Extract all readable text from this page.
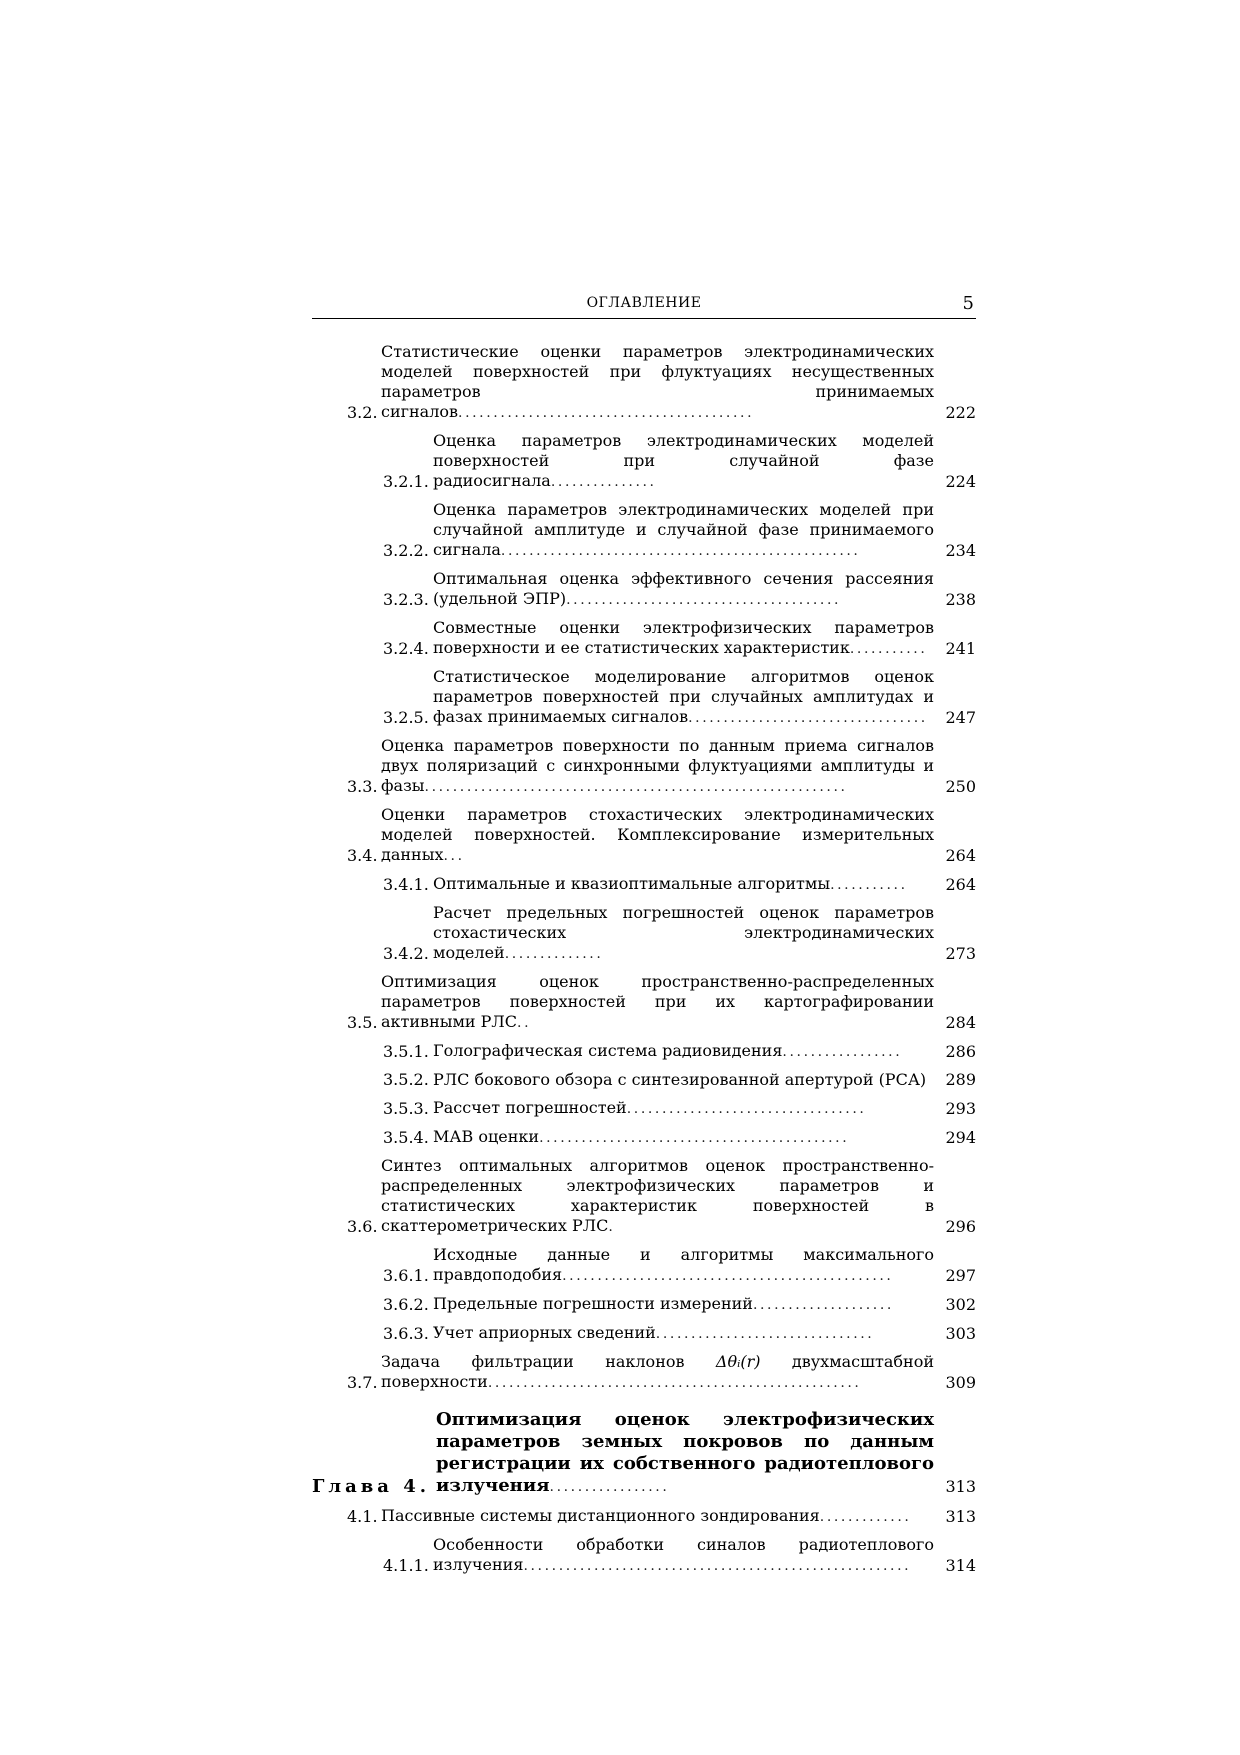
ОГЛАВЛЕНИЕ	5
3.2.
Статистические оценки параметров электродинамических моделей поверхностей при флуктуациях несущественных параметров принимаемых сигналов..........................................	222
3.2.1.
Оценка параметров электродинамических моделей поверхностей при случайной фазе радиосигнала...............	224
3.2.2.
Оценка параметров электродинамических моделей при случайной амплитуде и случайной фазе принимаемого сигнала...................................................	234
3.2.3.
Оптимальная оценка эффективного сечения рассеяния (удельной ЭПР).......................................	238
3.2.4.
Совместные оценки электрофизических параметров поверхности и ее статистических характеристик...........	241
3.2.5.
Статистическое моделирование алгоритмов оценок параметров поверхностей при случайных амплитудах и фазах принимаемых сигналов..................................	247
3.3.
Оценка параметров поверхности по данным приема сигналов двух поляризаций с синхронными флуктуациями амплитуды и фазы............................................................	250
3.4.
Оценки параметров стохастических электродинамических моделей поверхностей. Комплексирование измерительных данных...	264
3.4.1. Оптимальные и квазиоптимальные алгоритмы...........	264
3.4.2.
Расчет предельных погрешностей оценок параметров стохастических электродинамических моделей..............	273
3.5.
Оптимизация оценок пространственно-распределенных параметров поверхностей при их картографировании активными РЛС..	284
3.5.1. Голографическая система радиовидения.................	286
3.5.2. РЛС бокового обзора с синтезированной апертурой (РСА)	289
3.5.3. Рассчет погрешностей..................................	293
3.5.4. МАВ оценки............................................	294
3.6.
Синтез оптимальных алгоритмов оценок пространственно-распределенных электрофизических параметров и статистических характеристик поверхностей в скаттерометрических РЛС.	296
3.6.1.
Исходные данные и алгоритмы максимального правдоподобия...............................................	297
3.6.2. Предельные погрешности измерений....................	302
3.6.3. Учет априорных сведений...............................	303
3.7.
Задача фильтрации наклонов Δθᵢ(r) двухмасштабной поверхности.....................................................	309
Глава 4.
Оптимизация оценок электрофизических параметров земных покровов по данным регистрации их собственного радиотеплового излучения.................	313
4.1. Пассивные системы дистанционного зондирования.............	313
4.1.1.
Особенности обработки синалов радиотеплового излучения.......................................................	314
